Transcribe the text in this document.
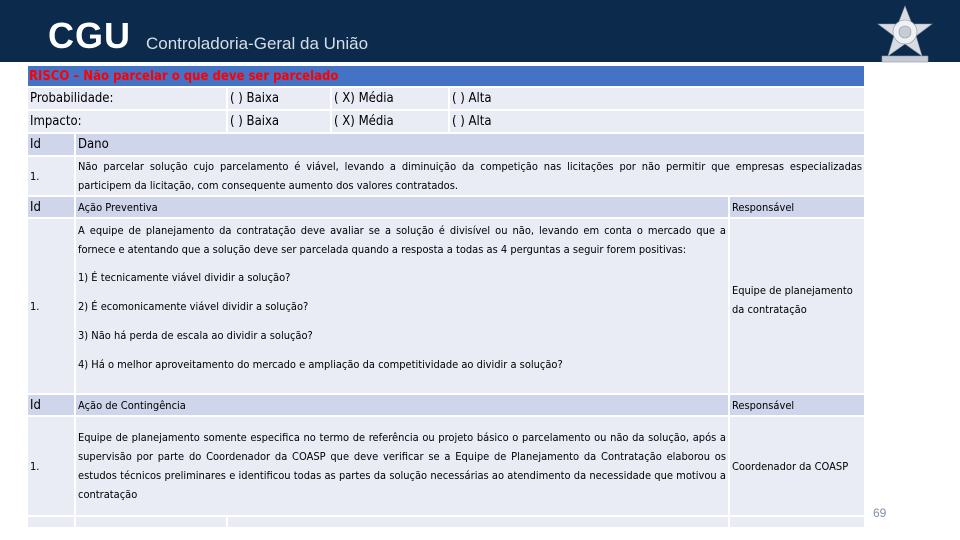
CGU Controladoria-Geral da União
RISCO – Não parcelar o que deve ser parcelado					
Probabilidade:		( ) Baixa	( X) Média	( ) Alta	
Impacto:		( ) Baixa	( X) Média	( ) Alta	
Id	Dano				
1.	Não parcelar solução cujo parcelamento é viável, levando a diminuição da competição nas licitações por não permitir que empresas especializadas participem da licitação, com consequente aumento dos valores contratados.				
Id	Ação Preventiva				Responsável
1.	A equipe de planejamento da contratação deve avaliar se a solução é divisível ou não, levando em conta o mercado que a fornece e atentando que a solução deve ser parcelada quando a resposta a todas as 4 perguntas a seguir forem positivas:
1) É tecnicamente viável dividir a solução?
2) É ecomonicamente viável dividir a solução?
3) Não há perda de escala ao dividir a solução?
4) Há o melhor aproveitamento do mercado e ampliação da competitividade ao dividir a solução?				Equipe de planejamento da contratação
Id	Ação de Contingência				Responsável
1.	Equipe de planejamento somente especifica no termo de referência ou projeto básico o parcelamento ou não da solução, após a supervisão por parte do Coordenador da COASP que deve verificar se a Equipe de Planejamento da Contratação elaborou os estudos técnicos preliminares e identificou todas as partes da solução necessárias ao atendimento da necessidade que motivou a contratação				Coordenador da COASP

69
